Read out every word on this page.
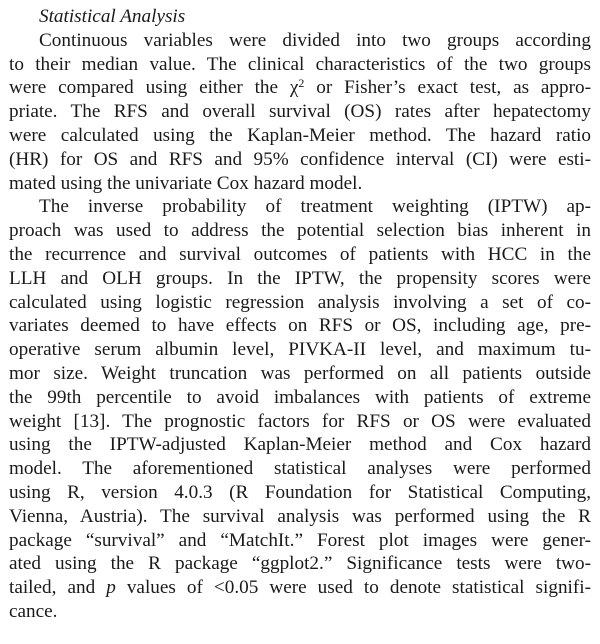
Statistical Analysis
Continuous variables were divided into two groups according
to their median value. The clinical characteristics of the two groups
were compared using either the $\chi^2$ or Fisher’s exact test, as appro-
priate. The RFS and overall survival (OS) rates after hepatectomy
were calculated using the Kaplan-Meier method. The hazard ratio
(HR) for OS and RFS and 95% confidence interval (CI) were esti-
mated using the univariate Cox hazard model.
The inverse probability of treatment weighting (IPTW) ap-
proach was used to address the potential selection bias inherent in
the recurrence and survival outcomes of patients with HCC in the
LLH and OLH groups. In the IPTW, the propensity scores were
calculated using logistic regression analysis involving a set of co-
variates deemed to have effects on RFS or OS, including age, pre-
operative serum albumin level, PIVKA-II level, and maximum tu-
mor size. Weight truncation was performed on all patients outside
the 99th percentile to avoid imbalances with patients of extreme
weight [13]. The prognostic factors for RFS or OS were evaluated
using the IPTW-adjusted Kaplan-Meier method and Cox hazard
model. The aforementioned statistical analyses were performed
using R, version 4.0.3 (R Foundation for Statistical Computing,
Vienna, Austria). The survival analysis was performed using the R
package “survival” and “MatchIt.” Forest plot images were gener-
ated using the R package “ggplot2.” Significance tests were two-
tailed, and p values of <0.05 were used to denote statistical signifi-
cance.
